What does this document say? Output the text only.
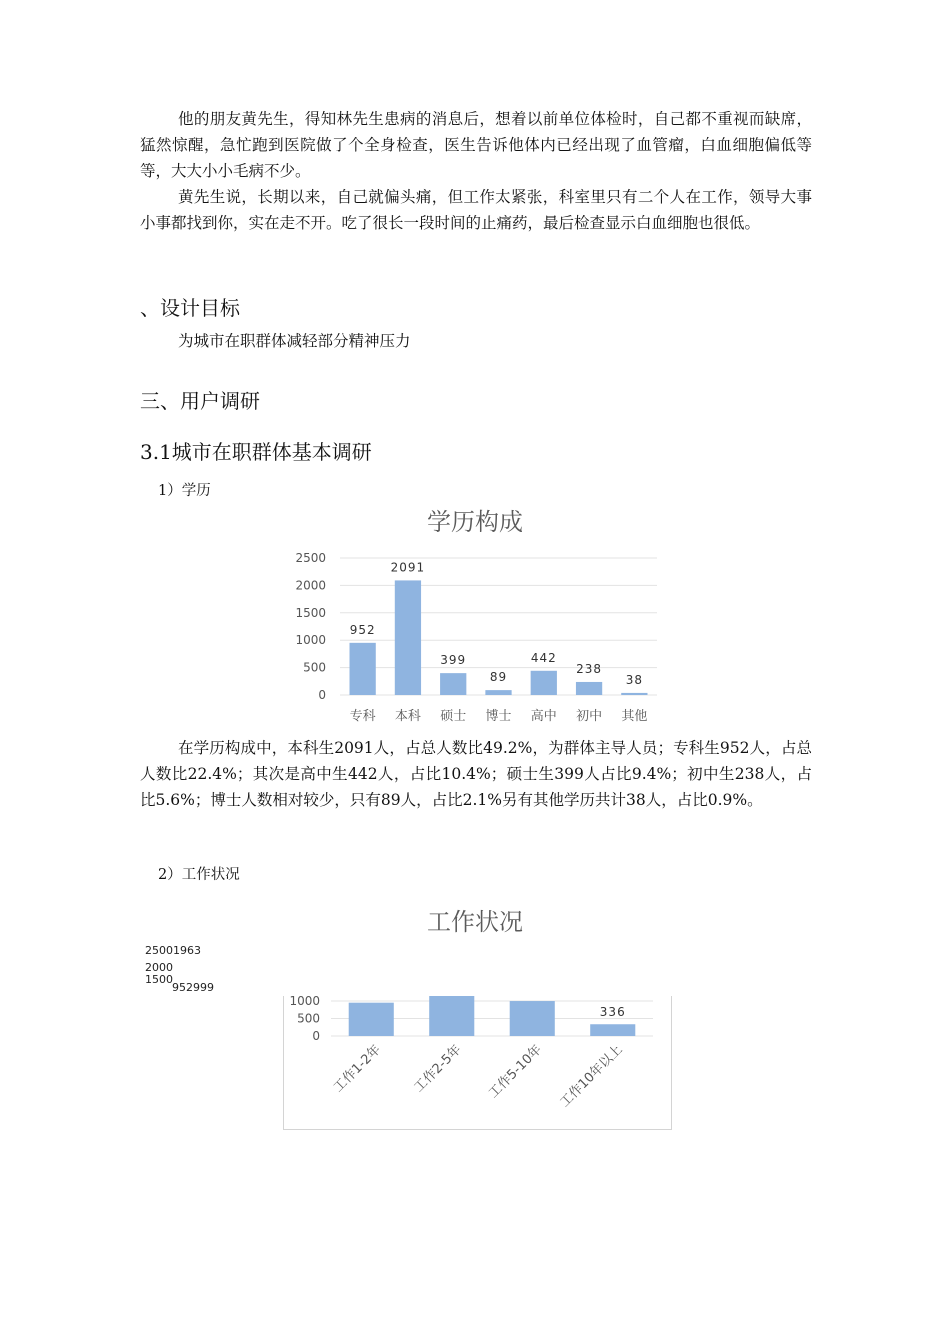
他的朋友黄先生，得知林先生患病的消息后，想着以前单位体检时，自己都不重视而缺席，猛然惊醒，急忙跑到医院做了个全身检查，医生告诉他体内已经出现了血管瘤，白血细胞偏低等等，大大小小毛病不少。

黄先生说，长期以来，自己就偏头痛，但工作太紧张，科室里只有二个人在工作，领导大事小事都找到你，实在走不开。吃了很长一段时间的止痛药，最后检查显示白血细胞也很低。

、设计目标
为城市在职群体减轻部分精神压力
三、用户调研
3.1城市在职群体基本调研
1）学历
学历构成
0
500
1000
1500
2000
2500
952
专科
2091
本科
399
硕士
89
博士
442
高中
238
初中
38
其他

在学历构成中，本科生2091人，占总人数比49.2%，为群体主导人员；专科生952人，占总人数比22.4%；其次是高中生442人，占比10.4%；硕士生399人占比9.4%；初中生238人，占比5.6%；博士人数相对较少，只有89人，占比2.1%另有其他学历共计38人，占比0.9%。

2）工作状况
工作状况
25001963
2000
1500
952999
0
500
1000
工作1-2年 工作2-5年 工作5-10年
336
工作10年以上
